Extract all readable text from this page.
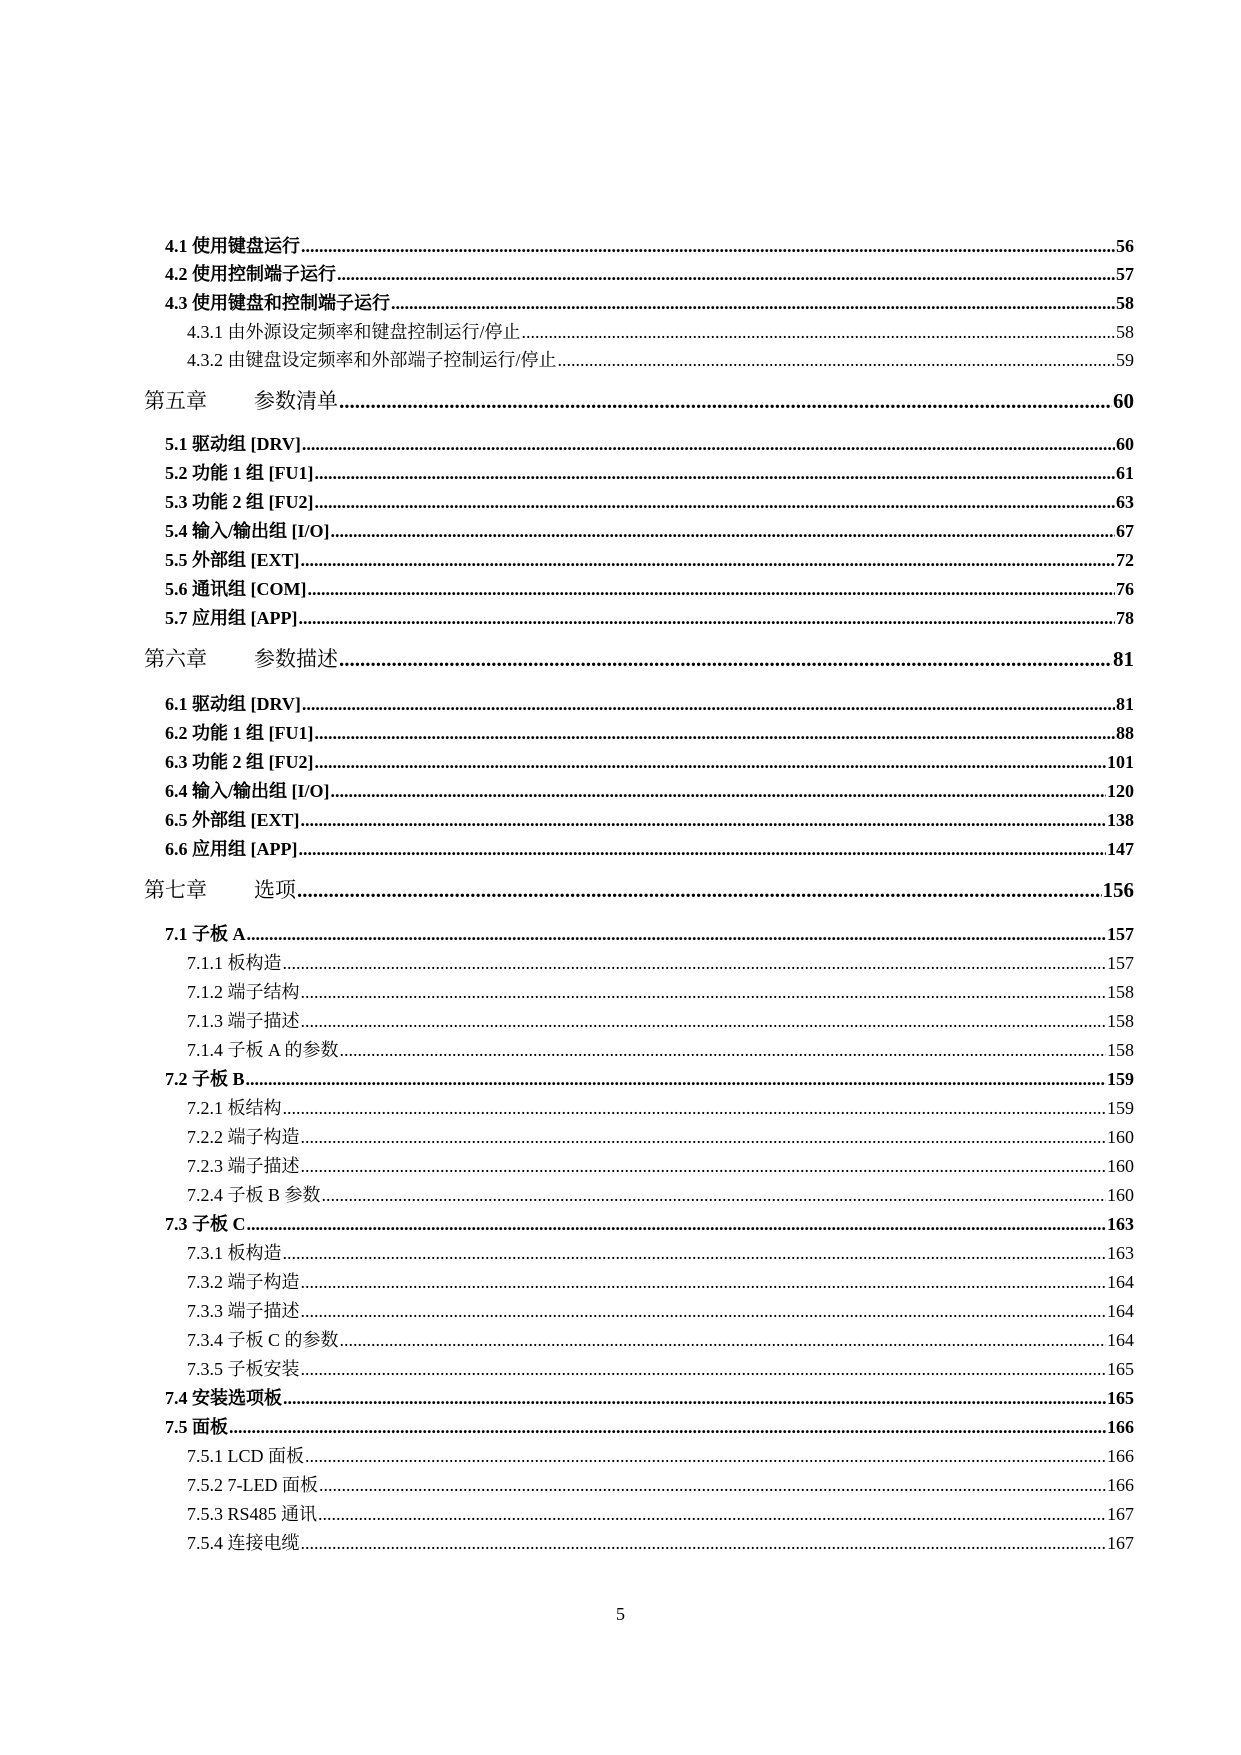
4.1 使用键盘运行 .....	56
4.2 使用控制端子运行 .....	57
4.3 使用键盘和控制端子运行 .....	58
4.3.1 由外源设定频率和键盘控制运行/停止 .....	58
4.3.2 由键盘设定频率和外部端子控制运行/停止 .....	59
第五章 参数清单 .....	60
5.1 驱动组 [DRV] .....	60
5.2 功能 1 组 [FU1] .....	61
5.3 功能 2 组 [FU2] .....	63
5.4 输入/输出组 [I/O] .....	67
5.5 外部组 [EXT] .....	72
5.6 通讯组 [COM] .....	76
5.7 应用组 [APP] .....	78
第六章 参数描述 .....	81
6.1 驱动组 [DRV] .....	81
6.2 功能 1 组 [FU1] .....	88
6.3 功能 2 组 [FU2] .....	101
6.4 输入/输出组 [I/O] .....	120
6.5 外部组 [EXT] .....	138
6.6 应用组 [APP] .....	147
第七章 选项 .....	156
7.1 子板 A .....	157
7.1.1 板构造 .....	157
7.1.2 端子结构 .....	158
7.1.3 端子描述 .....	158
7.1.4 子板 A 的参数 .....	158
7.2 子板 B .....	159
7.2.1 板结构 .....	159
7.2.2 端子构造 .....	160
7.2.3 端子描述 .....	160
7.2.4 子板 B 参数 .....	160
7.3 子板 C .....	163
7.3.1 板构造 .....	163
7.3.2 端子构造 .....	164
7.3.3 端子描述 .....	164
7.3.4 子板 C 的参数 .....	164
7.3.5 子板安装 .....	165
7.4 安装选项板 .....	165
7.5 面板 .....	166
7.5.1 LCD 面板 .....	166
7.5.2 7-LED 面板 .....	166
7.5.3 RS485 通讯 .....	167
7.5.4 连接电缆 .....	167
5
